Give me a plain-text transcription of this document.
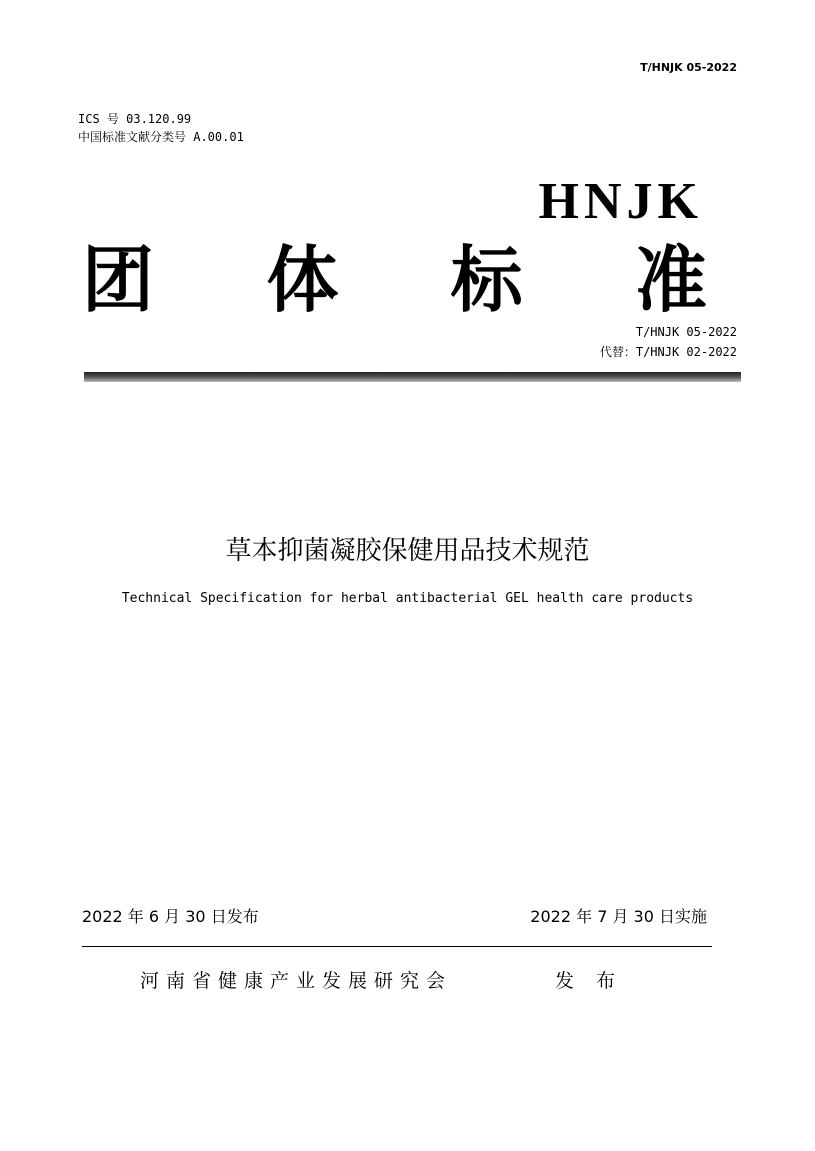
T/HNJK 05-2022
ICS 号 03.120.99
中国标准文献分类号 A.00.01
HNJK
团 体 标 准
T/HNJK 05-2022
代替：T/HNJK 02-2022
草本抑菌凝胶保健用品技术规范
Technical Specification for herbal antibacterial GEL health care products
2022 年 6 月 30 日发布	2022 年 7 月 30 日实施
河南省健康产业发展研究会	发布
